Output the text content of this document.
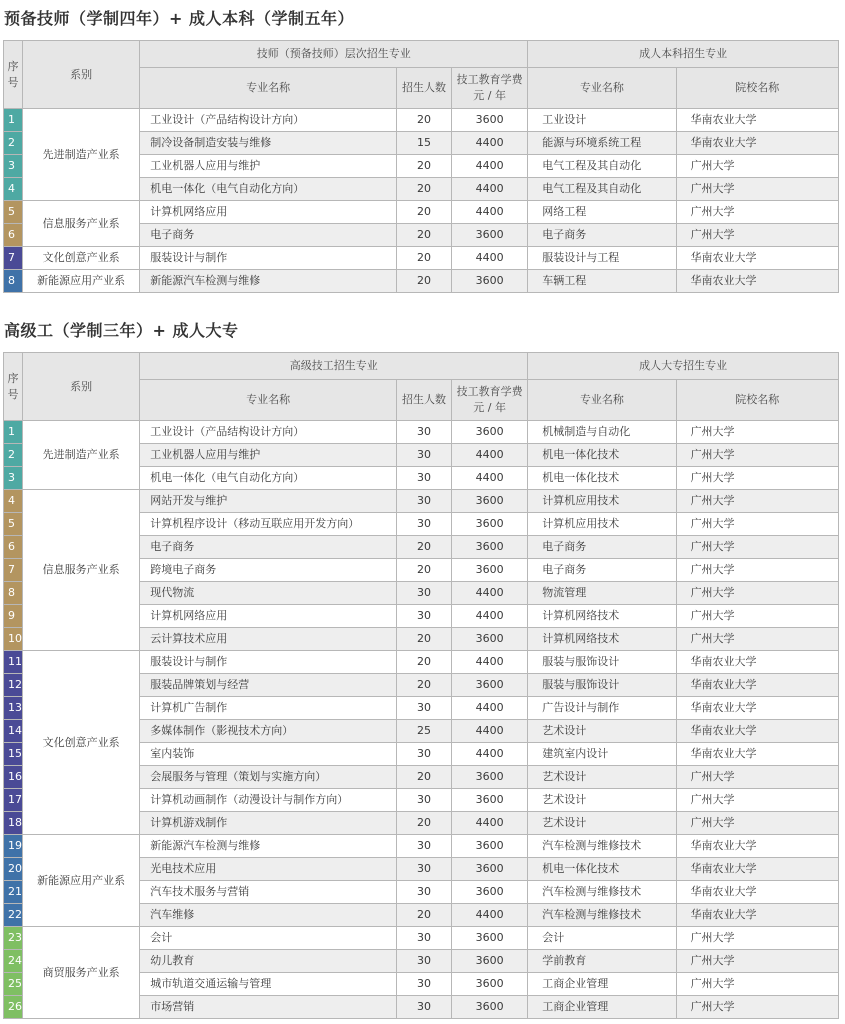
预备技师（学制四年）+ 成人本科（学制五年）
序号	系别	技师（预备技师）层次招生专业			成人本科招生专业	
		专业名称	招生人数	技工教育学费元 / 年	专业名称	院校名称
1	先进制造产业系	工业设计（产品结构设计方向）	20	3600	工业设计	华南农业大学
2		制冷设备制造安装与维修	15	4400	能源与环境系统工程	华南农业大学
3		工业机器人应用与维护	20	4400	电气工程及其自动化	广州大学
4		机电一体化（电气自动化方向）	20	4400	电气工程及其自动化	广州大学
5	信息服务产业系	计算机网络应用	20	4400	网络工程	广州大学
6		电子商务	20	3600	电子商务	广州大学
7	文化创意产业系	服装设计与制作	20	4400	服装设计与工程	华南农业大学
8	新能源应用产业系	新能源汽车检测与维修	20	3600	车辆工程	华南农业大学
高级工（学制三年）+ 成人大专
序号	系别	高级技工招生专业			成人大专招生专业	
		专业名称	招生人数	技工教育学费元 / 年	专业名称	院校名称
1	先进制造产业系	工业设计（产品结构设计方向）	30	3600	机械制造与自动化	广州大学
2		工业机器人应用与维护	30	4400	机电一体化技术	广州大学
3		机电一体化（电气自动化方向）	30	4400	机电一体化技术	广州大学
4	信息服务产业系	网站开发与维护	30	3600	计算机应用技术	广州大学
5		计算机程序设计（移动互联应用开发方向）	30	3600	计算机应用技术	广州大学
6		电子商务	20	3600	电子商务	广州大学
7		跨境电子商务	20	3600	电子商务	广州大学
8		现代物流	30	4400	物流管理	广州大学
9		计算机网络应用	30	4400	计算机网络技术	广州大学
10		云计算技术应用	20	3600	计算机网络技术	广州大学
11	文化创意产业系	服装设计与制作	20	4400	服装与服饰设计	华南农业大学
12		服装品牌策划与经营	20	3600	服装与服饰设计	华南农业大学
13		计算机广告制作	30	4400	广告设计与制作	华南农业大学
14		多媒体制作（影视技术方向）	25	4400	艺术设计	华南农业大学
15		室内装饰	30	4400	建筑室内设计	华南农业大学
16		会展服务与管理（策划与实施方向）	20	3600	艺术设计	广州大学
17		计算机动画制作（动漫设计与制作方向）	30	3600	艺术设计	广州大学
18		计算机游戏制作	20	4400	艺术设计	广州大学
19	新能源应用产业系	新能源汽车检测与维修	30	3600	汽车检测与维修技术	华南农业大学
20		光电技术应用	30	3600	机电一体化技术	华南农业大学
21		汽车技术服务与营销	30	3600	汽车检测与维修技术	华南农业大学
22		汽车维修	20	4400	汽车检测与维修技术	华南农业大学
23	商贸服务产业系	会计	30	3600	会计	广州大学
24		幼儿教育	30	3600	学前教育	广州大学
25		城市轨道交通运输与管理	30	3600	工商企业管理	广州大学
26		市场营销	30	3600	工商企业管理	广州大学
